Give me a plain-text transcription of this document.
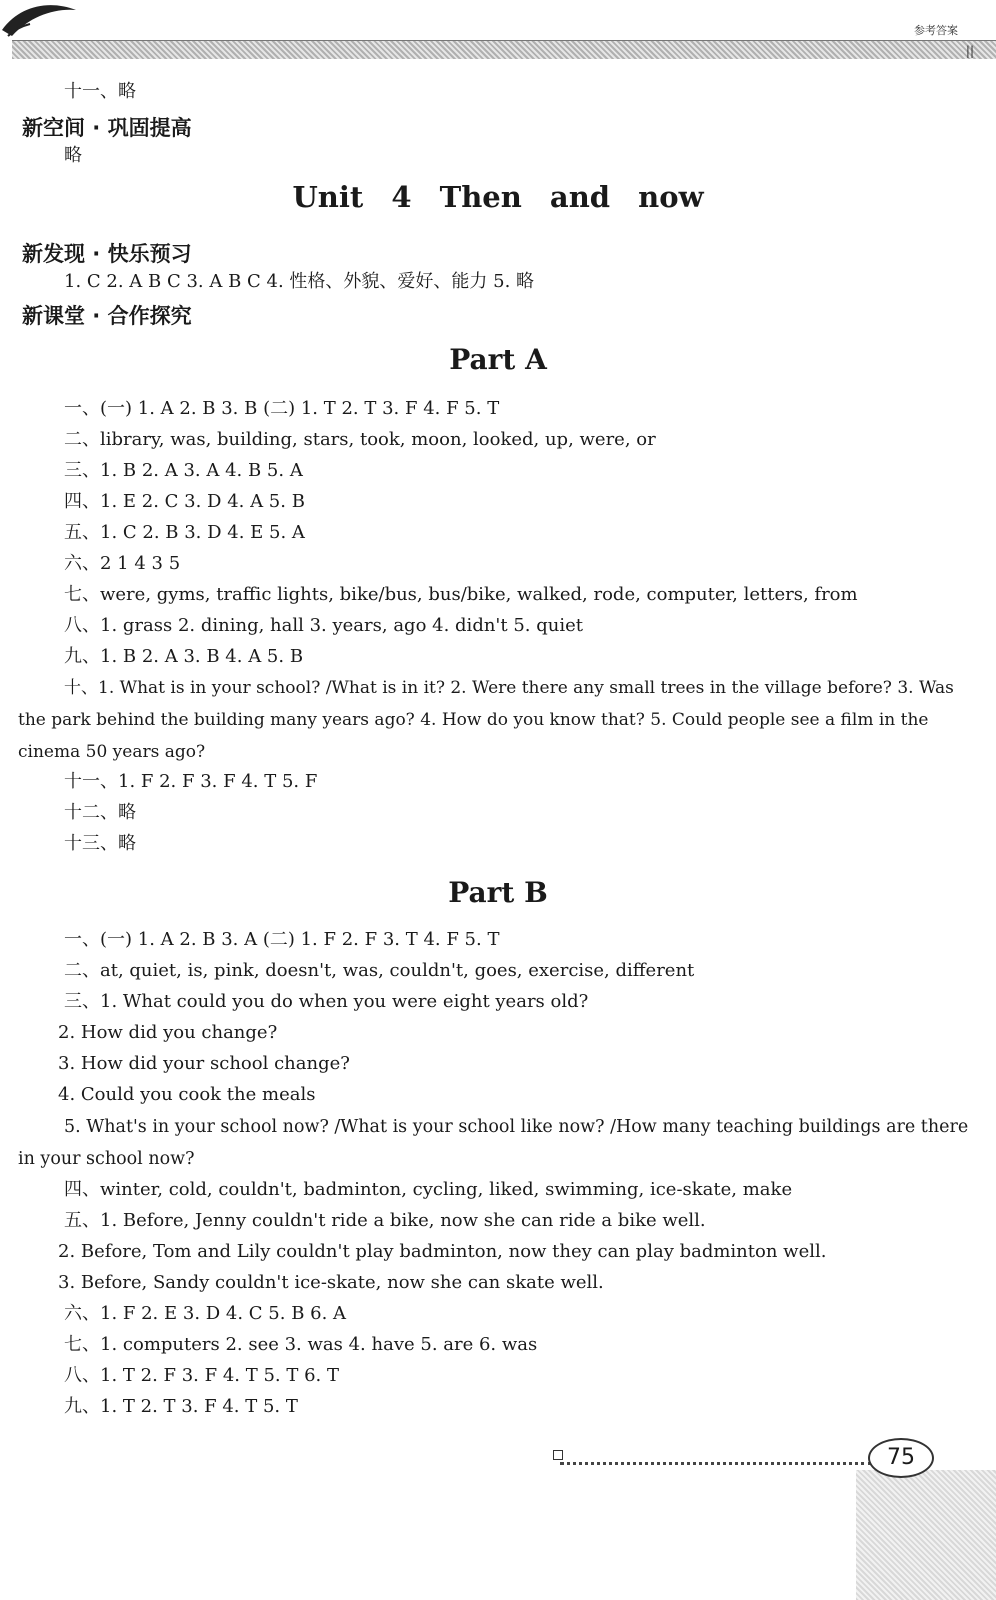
参考答案
||
十一、略
新空间 · 巩固提高
略
Unit 4 Then and now
新发现 · 快乐预习
1. C 2. A B C 3. A B C 4. 性格、外貌、爱好、能力 5. 略
新课堂 · 合作探究
Part A
一、(一) 1. A 2. B 3. B (二) 1. T 2. T 3. F 4. F 5. T
二、library, was, building, stars, took, moon, looked, up, were, or
三、1. B 2. A 3. A 4. B 5. A
四、1. E 2. C 3. D 4. A 5. B
五、1. C 2. B 3. D 4. E 5. A
六、2 1 4 3 5
七、were, gyms, traffic lights, bike/bus, bus/bike, walked, rode, computer, letters, from
八、1. grass 2. dining, hall 3. years, ago 4. didn't 5. quiet
九、1. B 2. A 3. B 4. A 5. B
十、1. What is in your school? /What is in it? 2. Were there any small trees in the village before? 3. Was the park behind the building many years ago? 4. How do you know that? 5. Could people see a film in the cinema 50 years ago?
十一、1. F 2. F 3. F 4. T 5. F
十二、略
十三、略
Part B
一、(一) 1. A 2. B 3. A (二) 1. F 2. F 3. T 4. F 5. T
二、at, quiet, is, pink, doesn't, was, couldn't, goes, exercise, different
三、1. What could you do when you were eight years old?
2. How did you change?
3. How did your school change?
4. Could you cook the meals
5. What's in your school now? /What is your school like now? /How many teaching buildings are there in your school now?
四、winter, cold, couldn't, badminton, cycling, liked, swimming, ice-skate, make
五、1. Before, Jenny couldn't ride a bike, now she can ride a bike well.
2. Before, Tom and Lily couldn't play badminton, now they can play badminton well.
3. Before, Sandy couldn't ice-skate, now she can skate well.
六、1. F 2. E 3. D 4. C 5. B 6. A
七、1. computers 2. see 3. was 4. have 5. are 6. was
八、1. T 2. F 3. F 4. T 5. T 6. T
九、1. T 2. T 3. F 4. T 5. T
75
